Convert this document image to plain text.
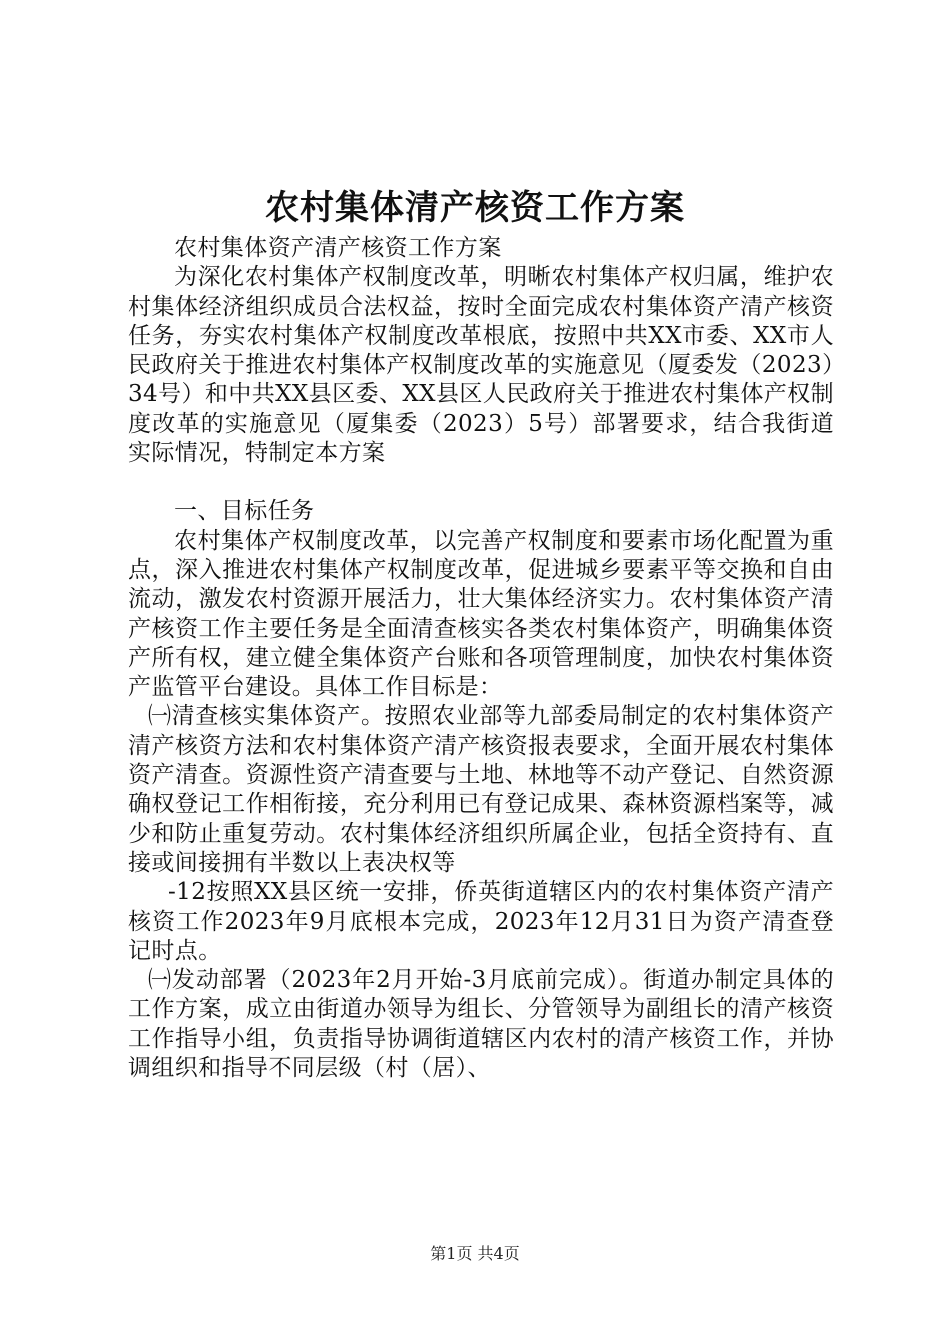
农村集体清产核资工作方案

农村集体资产清产核资工作方案

为深化农村集体产权制度改革，明晰农村集体产权归属，维护农村集体经济组织成员合法权益，按时全面完成农村集体资产清产核资任务，夯实农村集体产权制度改革根底，按照中共XX市委、XX市人民政府关于推进农村集体产权制度改革的实施意见（厦委发（2023）34号）和中共XX县区委、XX县区人民政府关于推进农村集体产权制度改革的实施意见（厦集委（2023）5号）部署要求，结合我街道实际情况，特制定本方案

一、目标任务

农村集体产权制度改革，以完善产权制度和要素市场化配置为重点，深入推进农村集体产权制度改革，促进城乡要素平等交换和自由流动，激发农村资源开展活力，壮大集体经济实力。农村集体资产清产核资工作主要任务是全面清查核实各类农村集体资产，明确集体资产所有权，建立健全集体资产台账和各项管理制度，加快农村集体资产监管平台建设。具体工作目标是：

㈠清查核实集体资产。按照农业部等九部委局制定的农村集体资产清产核资方法和农村集体资产清产核资报表要求，全面开展农村集体资产清查。资源性资产清查要与土地、林地等不动产登记、自然资源确权登记工作相衔接，充分利用已有登记成果、森林资源档案等，减少和防止重复劳动。农村集体经济组织所属企业，包括全资持有、直接或间接拥有半数以上表决权等

-12按照XX县区统一安排，侨英街道辖区内的农村集体资产清产核资工作2023年9月底根本完成，2023年12月31日为资产清查登记时点。

㈠发动部署（2023年2月开始-3月底前完成）。街道办制定具体的工作方案，成立由街道办领导为组长、分管领导为副组长的清产核资工作指导小组，负责指导协调街道辖区内农村的清产核资工作，并协调组织和指导不同层级（村（居）、

第1页 共4页
